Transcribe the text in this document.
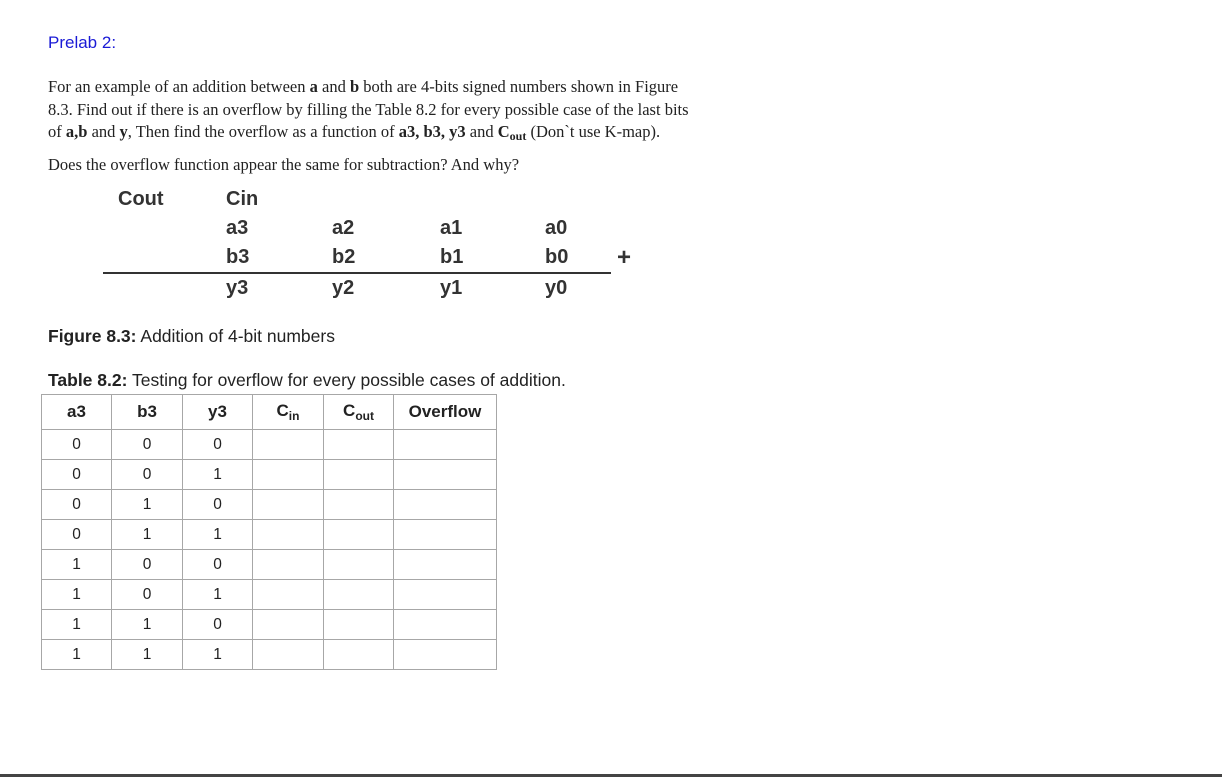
Prelab 2:
For an example of an addition between a and b both are 4-bits signed numbers shown in Figure
8.3. Find out if there is an overflow by filling the Table 8.2 for every possible case of the last bits
of a,b and y, Then find the overflow as a function of a3, b3, y3 and $C_{out}$ (Don`t use K-map).
Does the overflow function appear the same for subtraction? And why?
Cout	Cin
a3	a2	a1	a0
b3	b2	b1	b0 +
y3	y2	y1	y0
Figure 8.3: Addition of 4-bit numbers
Table 8.2: Testing for overflow for every possible cases of addition.
a3	b3	y3	$C_{in}$	$C_{out}$	Overflow
0	0	0			
0	0	1			
0	1	0			
0	1	1			
1	0	0			
1	0	1			
1	1	0			
1	1	1			
